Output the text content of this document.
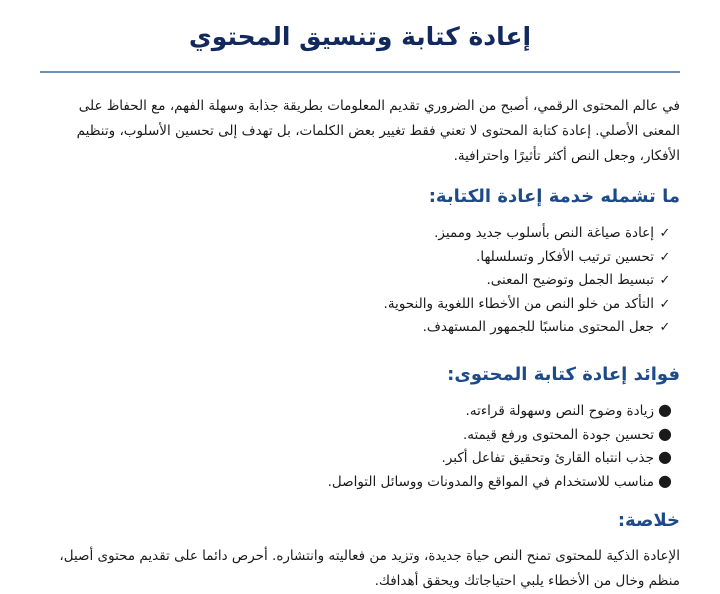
إعادة كتابة وتنسيق المحتوي

في عالم المحتوى الرقمي، أصبح من الضروري تقديم المعلومات بطريقة جذابة وسهلة الفهم، مع الحفاظ على المعنى الأصلي. إعادة كتابة المحتوى لا تعني فقط تغيير بعض الكلمات، بل تهدف إلى تحسين الأسلوب، وتنظيم الأفكار، وجعل النص أكثر تأثيرًا واحترافية.

ما تشمله خدمة إعادة الكتابة:
✓إعادة صياغة النص بأسلوب جديد ومميز.
✓تحسين ترتيب الأفكار وتسلسلها.
✓تبسيط الجمل وتوضيح المعنى.
✓التأكد من خلو النص من الأخطاء اللغوية والنحوية.
✓جعل المحتوى مناسبًا للجمهور المستهدف.
فوائد إعادة كتابة المحتوى:
●زيادة وضوح النص وسهولة قراءته.
●تحسين جودة المحتوى ورفع قيمته.
●جذب انتباه القارئ وتحقيق تفاعل أكبر.
●مناسب للاستخدام في المواقع والمدونات ووسائل التواصل.
خلاصة:

الإعادة الذكية للمحتوى تمنح النص حياة جديدة، وتزيد من فعاليته وانتشاره. أحرص دائما على تقديم محتوى أصيل، منظم وخال من الأخطاء يلبي احتياجاتك ويحقق أهدافك.
